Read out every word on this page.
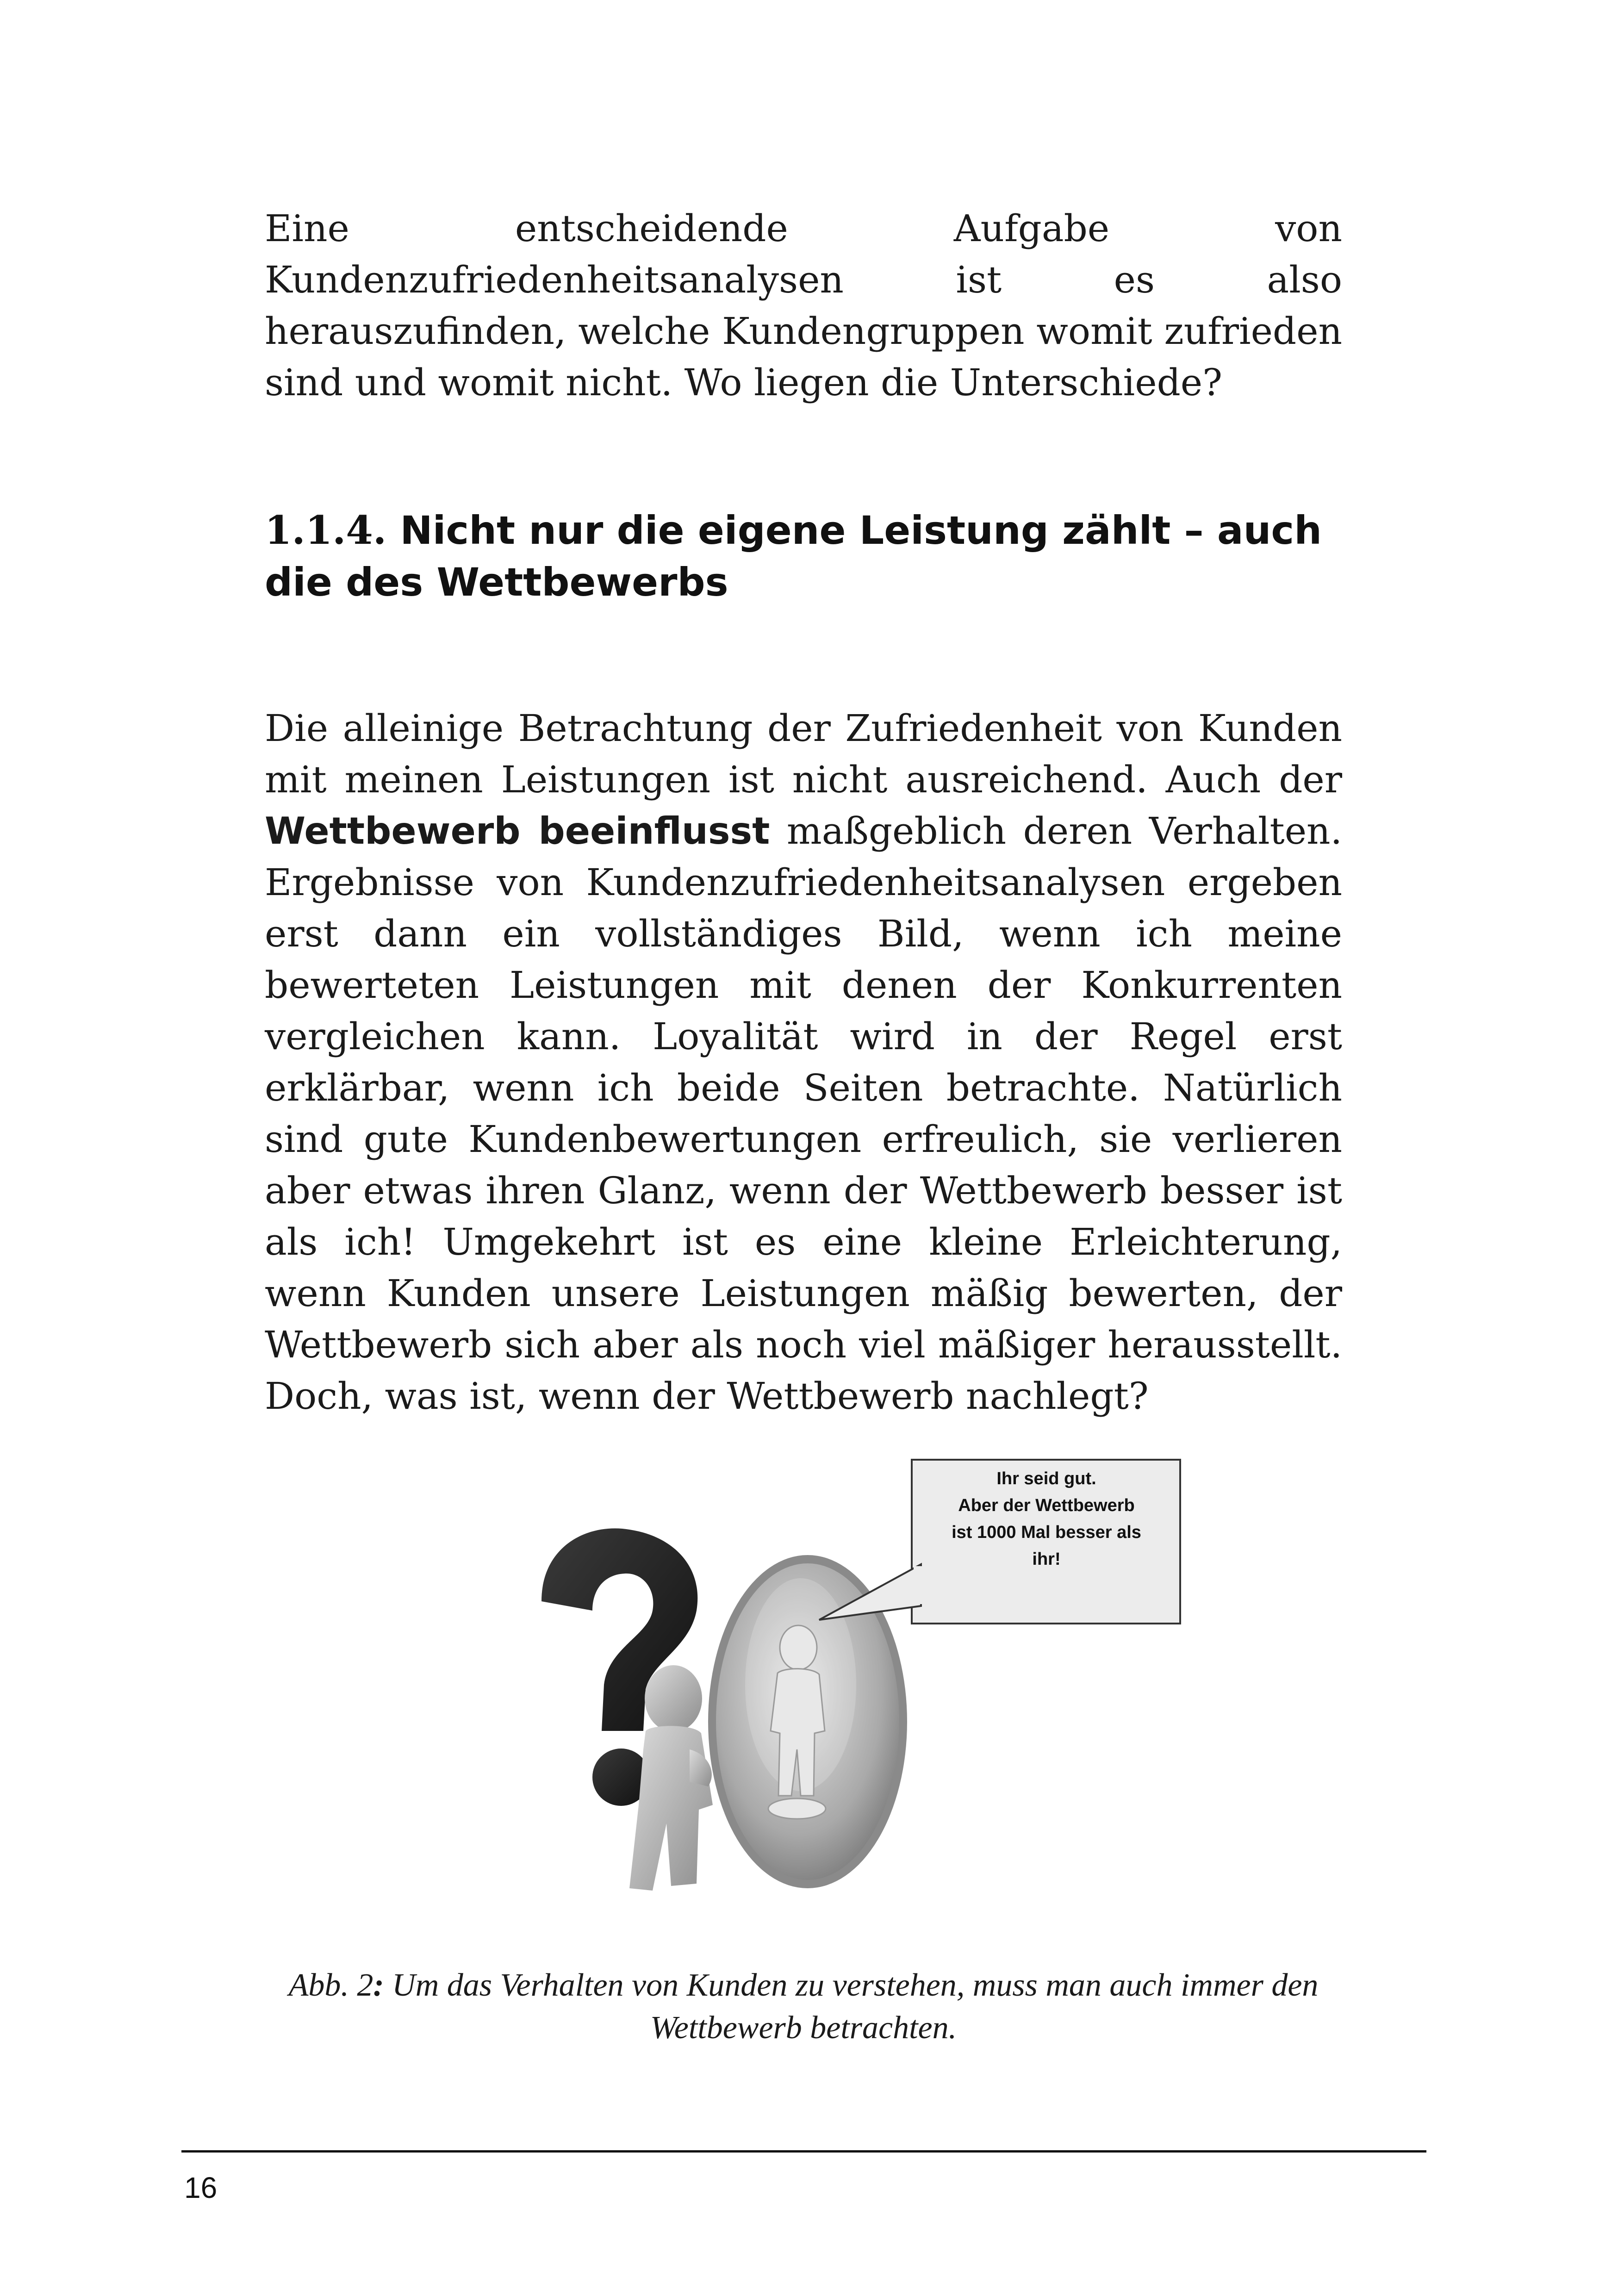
Eine entscheidende Aufgabe von Kundenzufriedenheitsanalysen ist es also herauszufinden, welche Kundengruppen womit zufrieden sind und womit nicht. Wo liegen die Unterschiede?

1.1.4. Nicht nur die eigene Leistung zählt – auch die des Wettbewerbs

Die alleinige Betrachtung der Zufriedenheit von Kunden mit meinen Leistungen ist nicht ausreichend. Auch der Wettbewerb beeinflusst maßgeblich deren Verhalten. Ergebnisse von Kundenzufriedenheitsanalysen ergeben erst dann ein vollständiges Bild, wenn ich meine bewerteten Leistungen mit denen der Konkurrenten vergleichen kann. Loyalität wird in der Regel erst erklärbar, wenn ich beide Seiten betrachte. Natürlich sind gute Kundenbewertungen erfreulich, sie verlieren aber etwas ihren Glanz, wenn der Wettbewerb besser ist als ich! Umgekehrt ist es eine kleine Erleichterung, wenn Kunden unsere Leistungen mäßig bewerten, der Wettbewerb sich aber als noch viel mäßiger herausstellt. Doch, was ist, wenn der Wettbewerb nachlegt?

Ihr seid gut.
Aber der Wettbewerb
ist 1000 Mal besser als
ihr!

Abb. 2: Um das Verhalten von Kunden zu verstehen, muss man auch immer den Wettbewerb betrachten.

16
